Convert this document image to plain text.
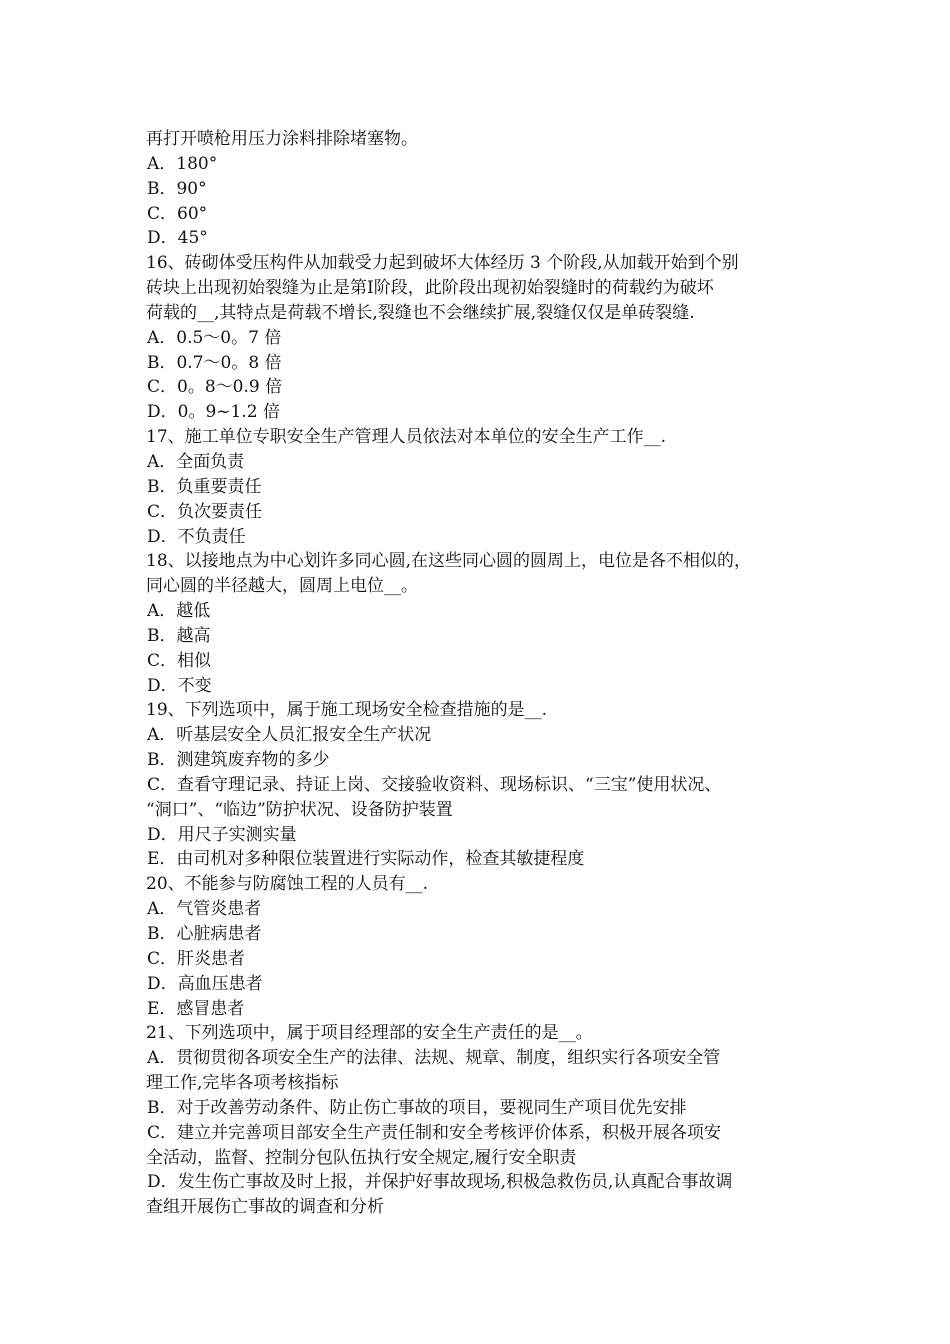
再打开喷枪用压力涂料排除堵塞物。
A．180°
B．90°
C．60°
D．45°
16、砖砌体受压构件从加载受力起到破坏大体经历 3 个阶段,从加载开始到个别
砖块上出现初始裂缝为止是第Ⅰ阶段，此阶段出现初始裂缝时的荷载约为破坏
荷载的__,其特点是荷载不增长,裂缝也不会继续扩展,裂缝仅仅是单砖裂缝.
A．0.5～0。7 倍
B．0.7～0。8 倍
C．0。8～0.9 倍
D．0。9~1.2 倍
17、施工单位专职安全生产管理人员依法对本单位的安全生产工作__.
A．全面负责
B．负重要责任
C．负次要责任
D．不负责任
18、以接地点为中心划许多同心圆,在这些同心圆的圆周上，电位是各不相似的，
同心圆的半径越大，圆周上电位__。
A．越低
B．越高
C．相似
D．不变
19、下列选项中，属于施工现场安全检查措施的是__.
A．听基层安全人员汇报安全生产状况
B．测建筑废弃物的多少
C．查看守理记录、持证上岗、交接验收资料、现场标识、“三宝”使用状况、
“洞口”、“临边”防护状况、设备防护装置
D．用尺子实测实量
E．由司机对多种限位装置进行实际动作，检查其敏捷程度
20、不能参与防腐蚀工程的人员有__.
A．气管炎患者
B．心脏病患者
C．肝炎患者
D．高血压患者
E．感冒患者
21、下列选项中，属于项目经理部的安全生产责任的是__。
A．贯彻贯彻各项安全生产的法律、法规、规章、制度，组织实行各项安全管
理工作,完毕各项考核指标
B．对于改善劳动条件、防止伤亡事故的项目，要视同生产项目优先安排
C．建立并完善项目部安全生产责任制和安全考核评价体系，积极开展各项安
全活动，监督、控制分包队伍执行安全规定,履行安全职责
D．发生伤亡事故及时上报，并保护好事故现场,积极急救伤员,认真配合事故调
查组开展伤亡事故的调查和分析
